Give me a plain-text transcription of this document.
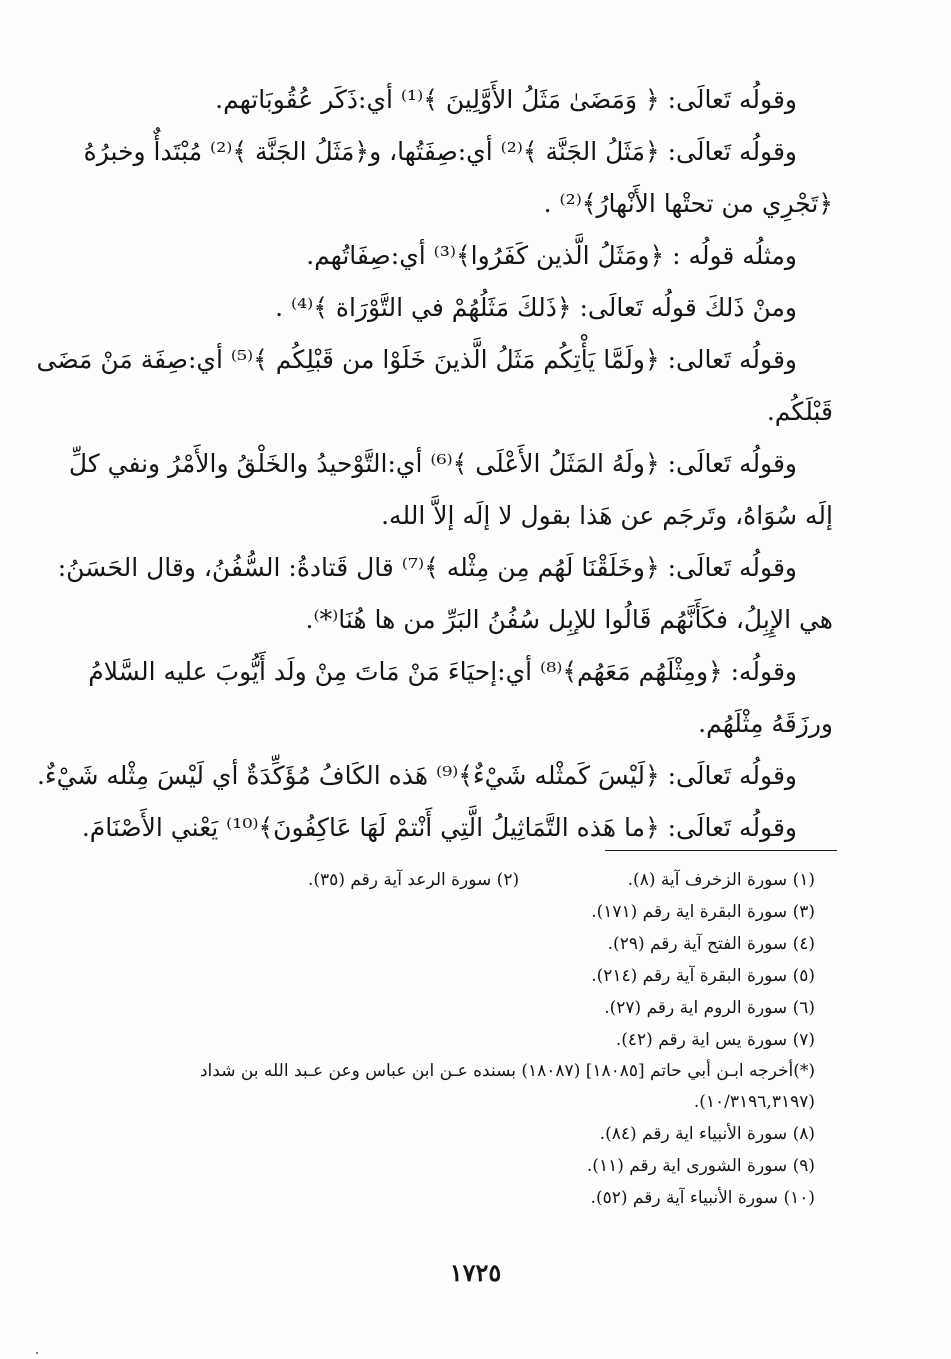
وقولُه تَعالَى: ﴿ وَمَضَىٰ مَثَلُ الأَوَّلِينَ ﴾⁽¹⁾ أي:ذَكَر عُقُوبَاتهم.
وقولُه تَعالَى: ﴿مَثَلُ الجَنَّة ﴾⁽²⁾ أي:صِفَتُها، و﴿مَثَلُ الجَنَّة ﴾⁽²⁾ مُبْتَدأٌ وخبرُهُ
﴿تَجْرِي من تحتْها الأَنْهارُ﴾⁽²⁾ .
ومثلُه قولُه : ﴿ومَثَلُ الَّذين كَفَرُوا﴾⁽³⁾ أي:صِفَاتُهم.
ومنْ ذَلكَ قولُه تَعالَى: ﴿ذَلكَ مَثَلُهُمْ في التَّوْرَاة ﴾⁽⁴⁾ .
وقولُه تَعالى: ﴿ولَمَّا يَأْتِكُم مَثَلُ الَّذينَ خَلَوْا من قَبْلِكُم ﴾⁽⁵⁾ أي:صِفَة مَنْ مَضَى
قَبْلَكُم.
وقولُه تَعالَى: ﴿ولَهُ المَثَلُ الأَعْلَى ﴾⁽⁶⁾ أي:التَّوْحيدُ والخَلْقُ والأَمْرُ ونفي كلِّ
إلَه سُوَاهُ، وتَرجَم عن هَذا بقول لا إلَه إلاَّ الله.
وقولُه تَعالَى: ﴿وخَلَقْنَا لَهُم مِن مِثْله ﴾⁽⁷⁾ قال قَتادةُ: السُّفُنُ، وقال الحَسَنُ:
هي الإِبِلُ، فكَأَنَّهُم قَالُوا للإبِل سُفُنُ البَرِّ من ها هُنَا⁽*⁾.
وقولُه: ﴿ومِثْلَهُم مَعَهُم﴾⁽⁸⁾ أي:إحيَاءَ مَنْ مَاتَ مِنْ ولَد أَيُّوبَ عليه السَّلامُ
ورزَقَهُ مِثْلَهُم.
وقولُه تَعالَى: ﴿لَيْسَ كَمثْله شَيْءٌ﴾⁽⁹⁾ هَذه الكَافُ مُؤَكِّدَةٌ أي لَيْسَ مِثْله شَيْءٌ.
وقولُه تَعالَى: ﴿ما هَذه التَّمَاثِيلُ الَّتِي أَنْتمْ لَهَا عَاكِفُونَ﴾⁽¹⁰⁾ يَعْني الأَصْنَامَ.
(١) سورة الزخرف آية (٨).
(٢) سورة الرعد آية رقم (٣٥).
(٣) سورة البقرة اية رقم (١٧١).
(٤) سورة الفتح آية رقم (٢٩).
(٥) سورة البقرة آية رقم (٢١٤).
(٦) سورة الروم اية رقم (٢٧).
(٧) سورة يس اية رقم (٤٢).
(*)أخرجه ابـن أبي حاتم [١٨٠٨٥] (١٨٠٨٧) بسنده عـن ابن عباس وعن عـبد الله بن شداد (١٠/٣١٩٦,٣١٩٧).
(٨) سورة الأنبياء اية رقم (٨٤).
(٩) سورة الشورى اية رقم (١١).
(١٠) سورة الأنبياء آية رقم (٥٢).
١٧٢٥
